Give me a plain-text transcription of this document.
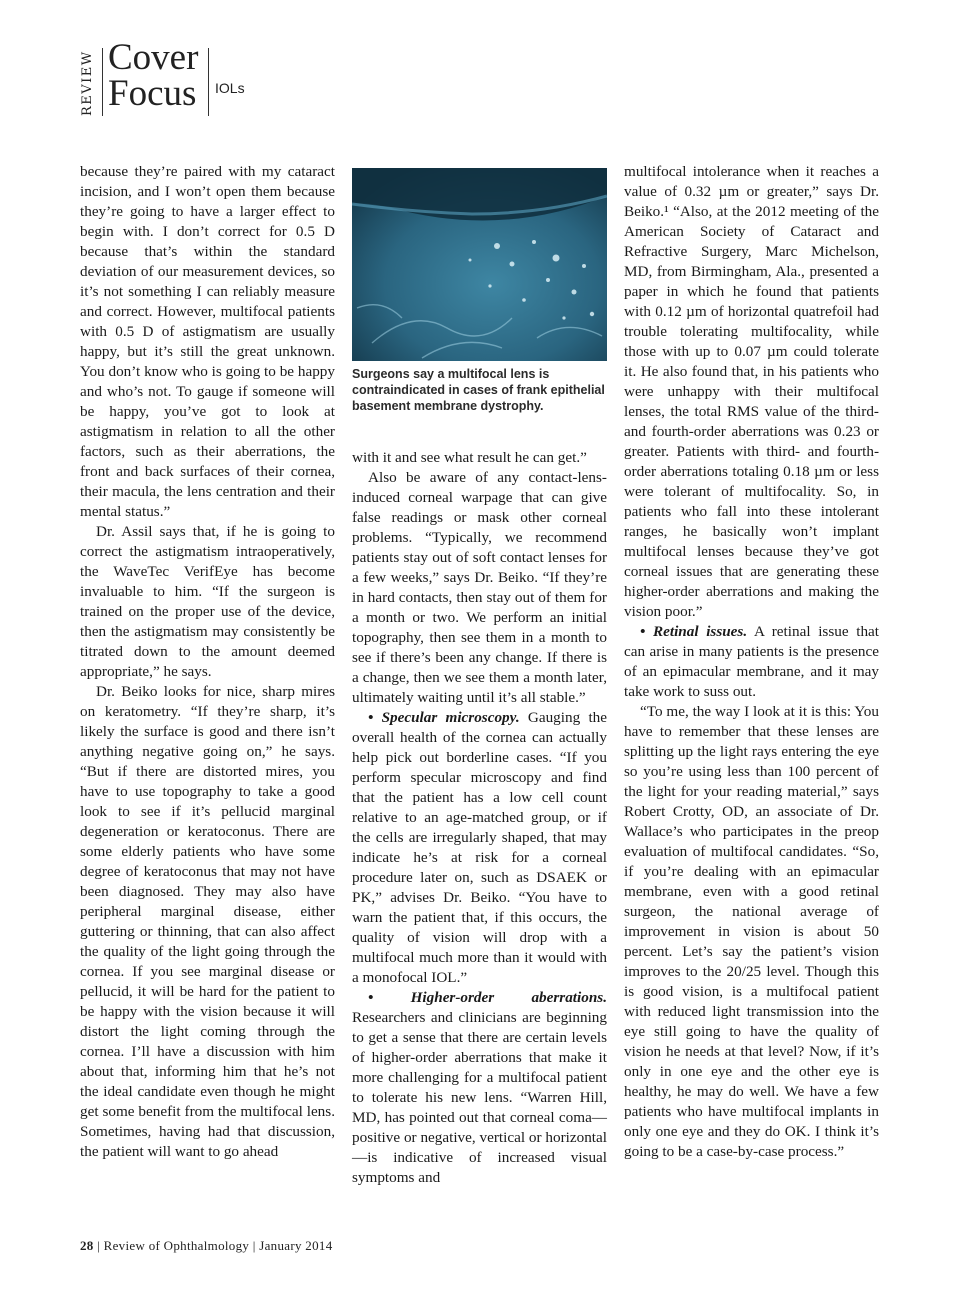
REVIEW Cover
Focus IOLs

because they’re paired with my cataract incision, and I won’t open them because they’re going to have a larger effect to begin with. I don’t correct for 0.5 D because that’s within the standard deviation of our measurement devices, so it’s not something I can reliably measure and correct. However, multifocal patients with 0.5 D of astigmatism are usually happy, but it’s still the great unknown. You don’t know who is going to be happy and who’s not. To gauge if someone will be happy, you’ve got to look at astigmatism in relation to all the other factors, such as their aberrations, the front and back surfaces of their cornea, their macula, the lens centration and their mental status.”

Dr. Assil says that, if he is going to correct the astigmatism intraoperatively, the WaveTec VerifEye has become invaluable to him. “If the surgeon is trained on the proper use of the device, then the astigmatism may consistently be titrated down to the amount deemed appropriate,” he says.

Dr. Beiko looks for nice, sharp mires on keratometry. “If they’re sharp, it’s likely the surface is good and there isn’t anything negative going on,” he says. “But if there are distorted mires, you have to use topography to take a good look to see if it’s pellucid marginal degeneration or keratoconus. There are some elderly patients who have some degree of keratoconus that may not have been diagnosed. They may also have peripheral marginal disease, either guttering or thinning, that can also affect the quality of the light going through the cornea. If you see marginal disease or pellucid, it will be hard for the patient to be happy with the vision because it will distort the light coming through the cornea. I’ll have a discussion with him about that, informing him that he’s not the ideal candidate even though he might get some benefit from the multifocal lens. Sometimes, having had that discussion, the patient will want to go ahead

Surgeons say a multifocal lens is contraindicated in cases of frank epithelial basement membrane dystrophy.

with it and see what result he can get.”

Also be aware of any contact-lens-induced corneal warpage that can give false readings or mask other corneal problems. “Typically, we recommend patients stay out of soft contact lenses for a few weeks,” says Dr. Beiko. “If they’re in hard contacts, then stay out of them for a month or two. We perform an initial topography, then see them in a month to see if there’s been any change. If there is a change, then we see them a month later, ultimately waiting until it’s all stable.”

• Specular microscopy. Gauging the overall health of the cornea can actually help pick out borderline cases. “If you perform specular microscopy and find that the patient has a low cell count relative to an age-matched group, or if the cells are irregularly shaped, that may indicate he’s at risk for a corneal procedure later on, such as DSAEK or PK,” advises Dr. Beiko. “You have to warn the patient that, if this occurs, the quality of vision will drop with a multifocal much more than it would with a monofocal IOL.”

• Higher-order aberrations. Researchers and clinicians are beginning to get a sense that there are certain levels of higher-order aberrations that make it more challenging for a multifocal patient to tolerate his new lens. “Warren Hill, MD, has pointed out that corneal coma—positive or negative, vertical or horizontal—is indicative of increased visual symptoms and

multifocal intolerance when it reaches a value of 0.32 µm or greater,” says Dr. Beiko.¹ “Also, at the 2012 meeting of the American Society of Cataract and Refractive Surgery, Marc Michelson, MD, from Birmingham, Ala., presented a paper in which he found that patients with 0.12 µm of horizontal quatrefoil had trouble tolerating multifocality, while those with up to 0.07 µm could tolerate it. He also found that, in his patients who were unhappy with their multifocal lenses, the total RMS value of the third- and fourth-order aberrations was 0.23 or greater. Patients with third- and fourth-order aberrations totaling 0.18 µm or less were tolerant of multifocality. So, in patients who fall into these intolerant ranges, he basically won’t implant multifocal lenses because they’ve got corneal issues that are generating these higher-order aberrations and making the vision poor.”

• Retinal issues. A retinal issue that can arise in many patients is the presence of an epimacular membrane, and it may take work to suss out.

“To me, the way I look at it is this: You have to remember that these lenses are splitting up the light rays entering the eye so you’re using less than 100 percent of the light for your reading material,” says Robert Crotty, OD, an associate of Dr. Wallace’s who participates in the preop evaluation of multifocal candidates. “So, if you’re dealing with an epimacular membrane, even with a good retinal surgeon, the national average of improvement in vision is about 50 percent. Let’s say the patient’s vision improves to the 20/25 level. Though this is good vision, is a multifocal patient with reduced light transmission into the eye still going to have the quality of vision he needs at that level? Now, if it’s only in one eye and the other eye is healthy, he may do well. We have a few patients who have multifocal implants in only one eye and they do OK. I think it’s going to be a case-by-case process.”

28 | Review of Ophthalmology | January 2014
